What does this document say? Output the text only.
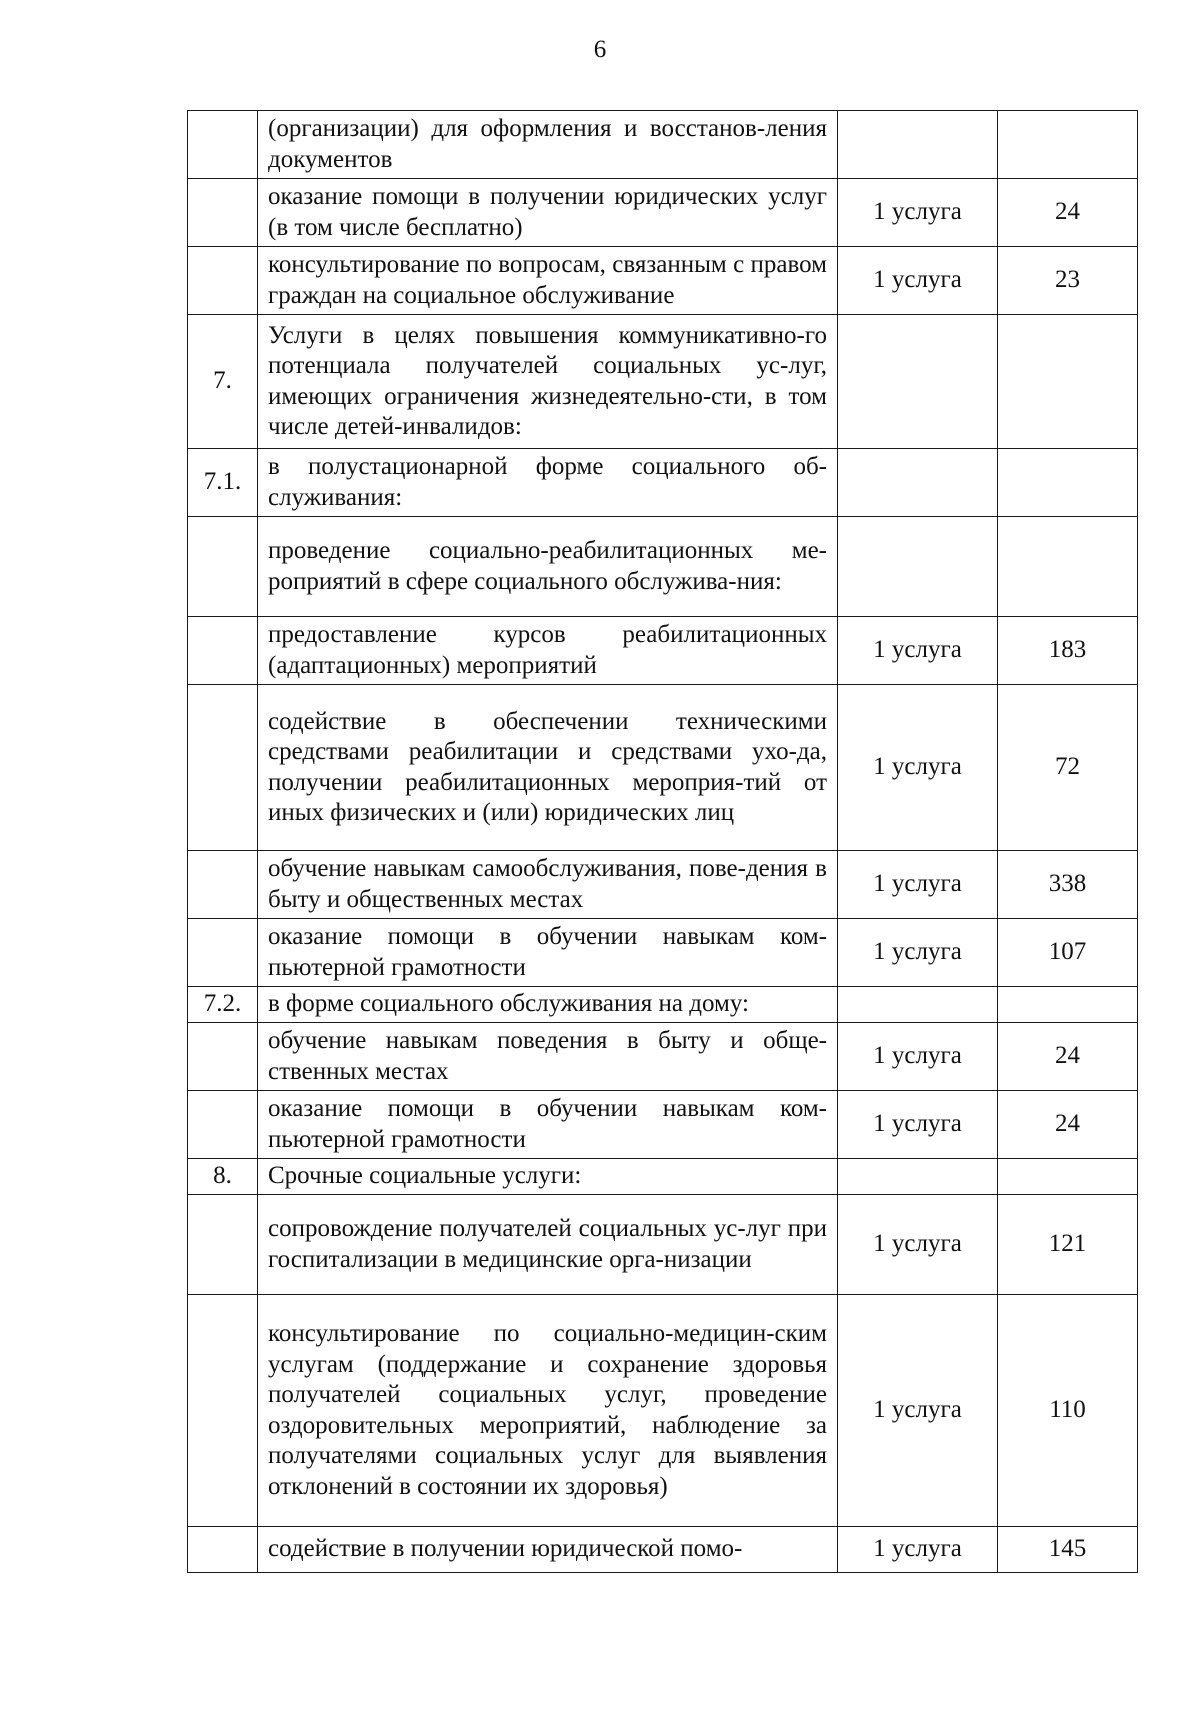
6
	(организации) для оформления и восстанов-ления документов		
	оказание помощи в получении юридических услуг (в том числе бесплатно)	1 услуга	24
	консультирование по вопросам, связанным с правом граждан на социальное обслуживание	1 услуга	23
7.	Услуги в целях повышения коммуникативно-го потенциала получателей социальных ус-луг, имеющих ограничения жизнедеятельно-сти, в том числе детей-инвалидов:		
7.1.	в полустационарной форме социального об-служивания:		
	проведение социально-реабилитационных ме-роприятий в сфере социального обслужива-ния:		
	предоставление курсов реабилитационных (адаптационных) мероприятий	1 услуга	183
	содействие в обеспечении техническими средствами реабилитации и средствами ухо-да, получении реабилитационных мероприя-тий от иных физических и (или) юридических лиц	1 услуга	72
	обучение навыкам самообслуживания, пове-дения в быту и общественных местах	1 услуга	338
	оказание помощи в обучении навыкам ком-пьютерной грамотности	1 услуга	107
7.2.	в форме социального обслуживания на дому:		
	обучение навыкам поведения в быту и обще-ственных местах	1 услуга	24
	оказание помощи в обучении навыкам ком-пьютерной грамотности	1 услуга	24
8.	Срочные социальные услуги:		
	сопровождение получателей социальных ус-луг при госпитализации в медицинские орга-низации	1 услуга	121
	консультирование по социально-медицин-ским услугам (поддержание и сохранение здоровья получателей социальных услуг, проведение оздоровительных мероприятий, наблюдение за получателями социальных услуг для выявления отклонений в состоянии их здоровья)	1 услуга	110
	содействие в получении юридической помо-	1 услуга	145
